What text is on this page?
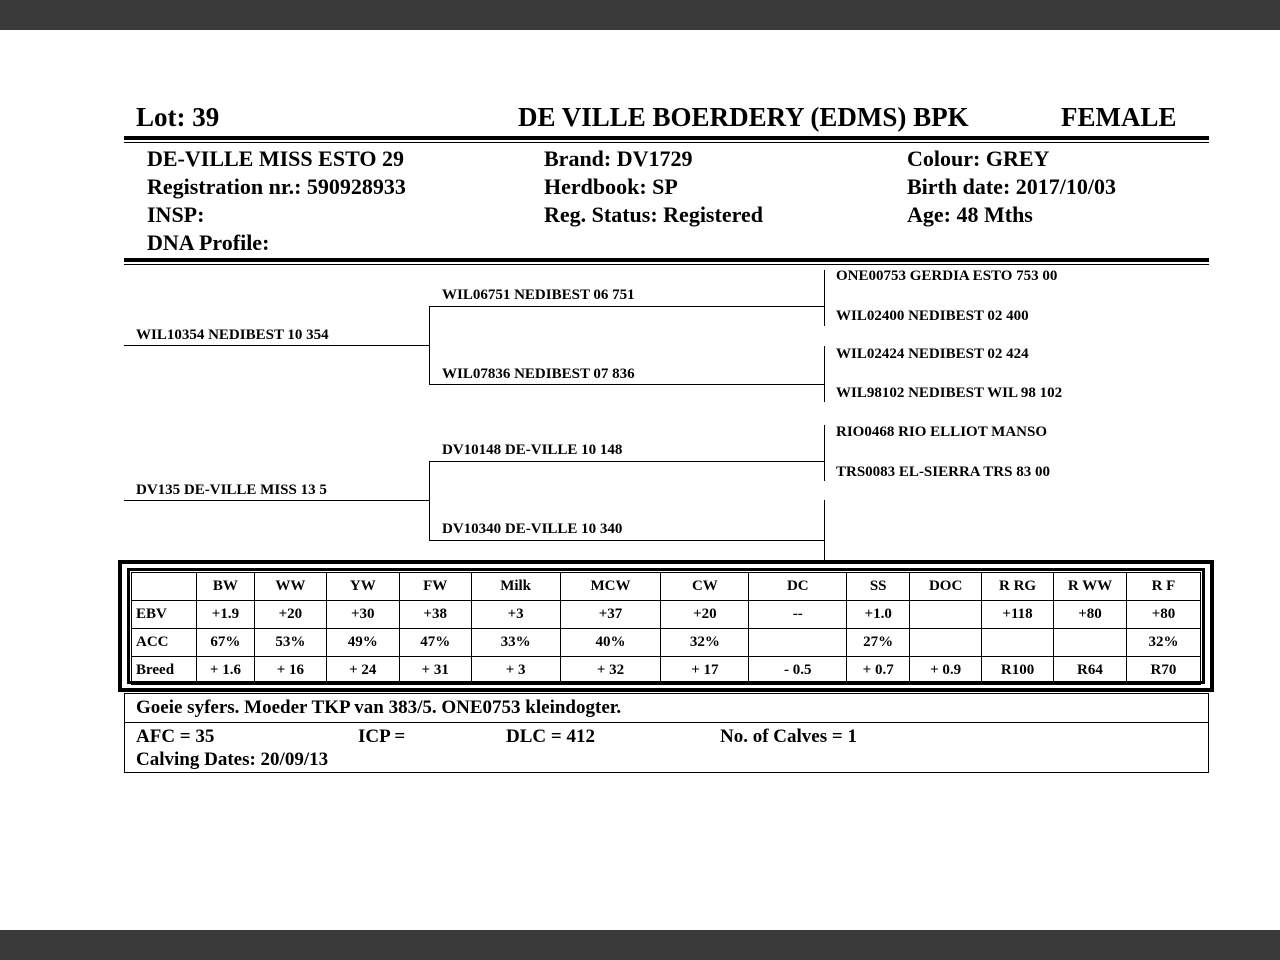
Lot: 39	DE VILLE BOERDERY (EDMS) BPK	FEMALE
DE-VILLE MISS ESTO 29
Registration nr.: 590928933
INSP:
DNA Profile:
Brand: DV1729
Herdbook: SP
Reg. Status: Registered
Colour: GREY
Birth date: 2017/10/03
Age: 48 Mths
WIL10354 NEDIBEST 10 354
WIL06751 NEDIBEST 06 751
WIL07836 NEDIBEST 07 836
DV135 DE-VILLE MISS 13 5
DV10148 DE-VILLE 10 148
DV10340 DE-VILLE 10 340
ONE00753 GERDIA ESTO 753 00
WIL02400 NEDIBEST 02 400
WIL02424 NEDIBEST 02 424
WIL98102 NEDIBEST WIL 98 102
RIO0468 RIO ELLIOT MANSO
TRS0083 EL-SIERRA TRS 83 00
	BW	WW	YW	FW	Milk	MCW	CW	DC	SS	DOC	R RG	R WW	R F
EBV	+1.9	+20	+30	+38	+3	+37	+20	--	+1.0		+118	+80	+80
ACC	67%	53%	49%	47%	33%	40%	32%		27%				32%
Breed	+ 1.6	+ 16	+ 24	+ 31	+ 3	+ 32	+ 17	- 0.5	+ 0.7	+ 0.9	R100	R64	R70
Goeie syfers. Moeder TKP van 383/5. ONE0753 kleindogter.
AFC = 35	ICP =	DLC = 412	No. of Calves = 1
Calving Dates: 20/09/13
